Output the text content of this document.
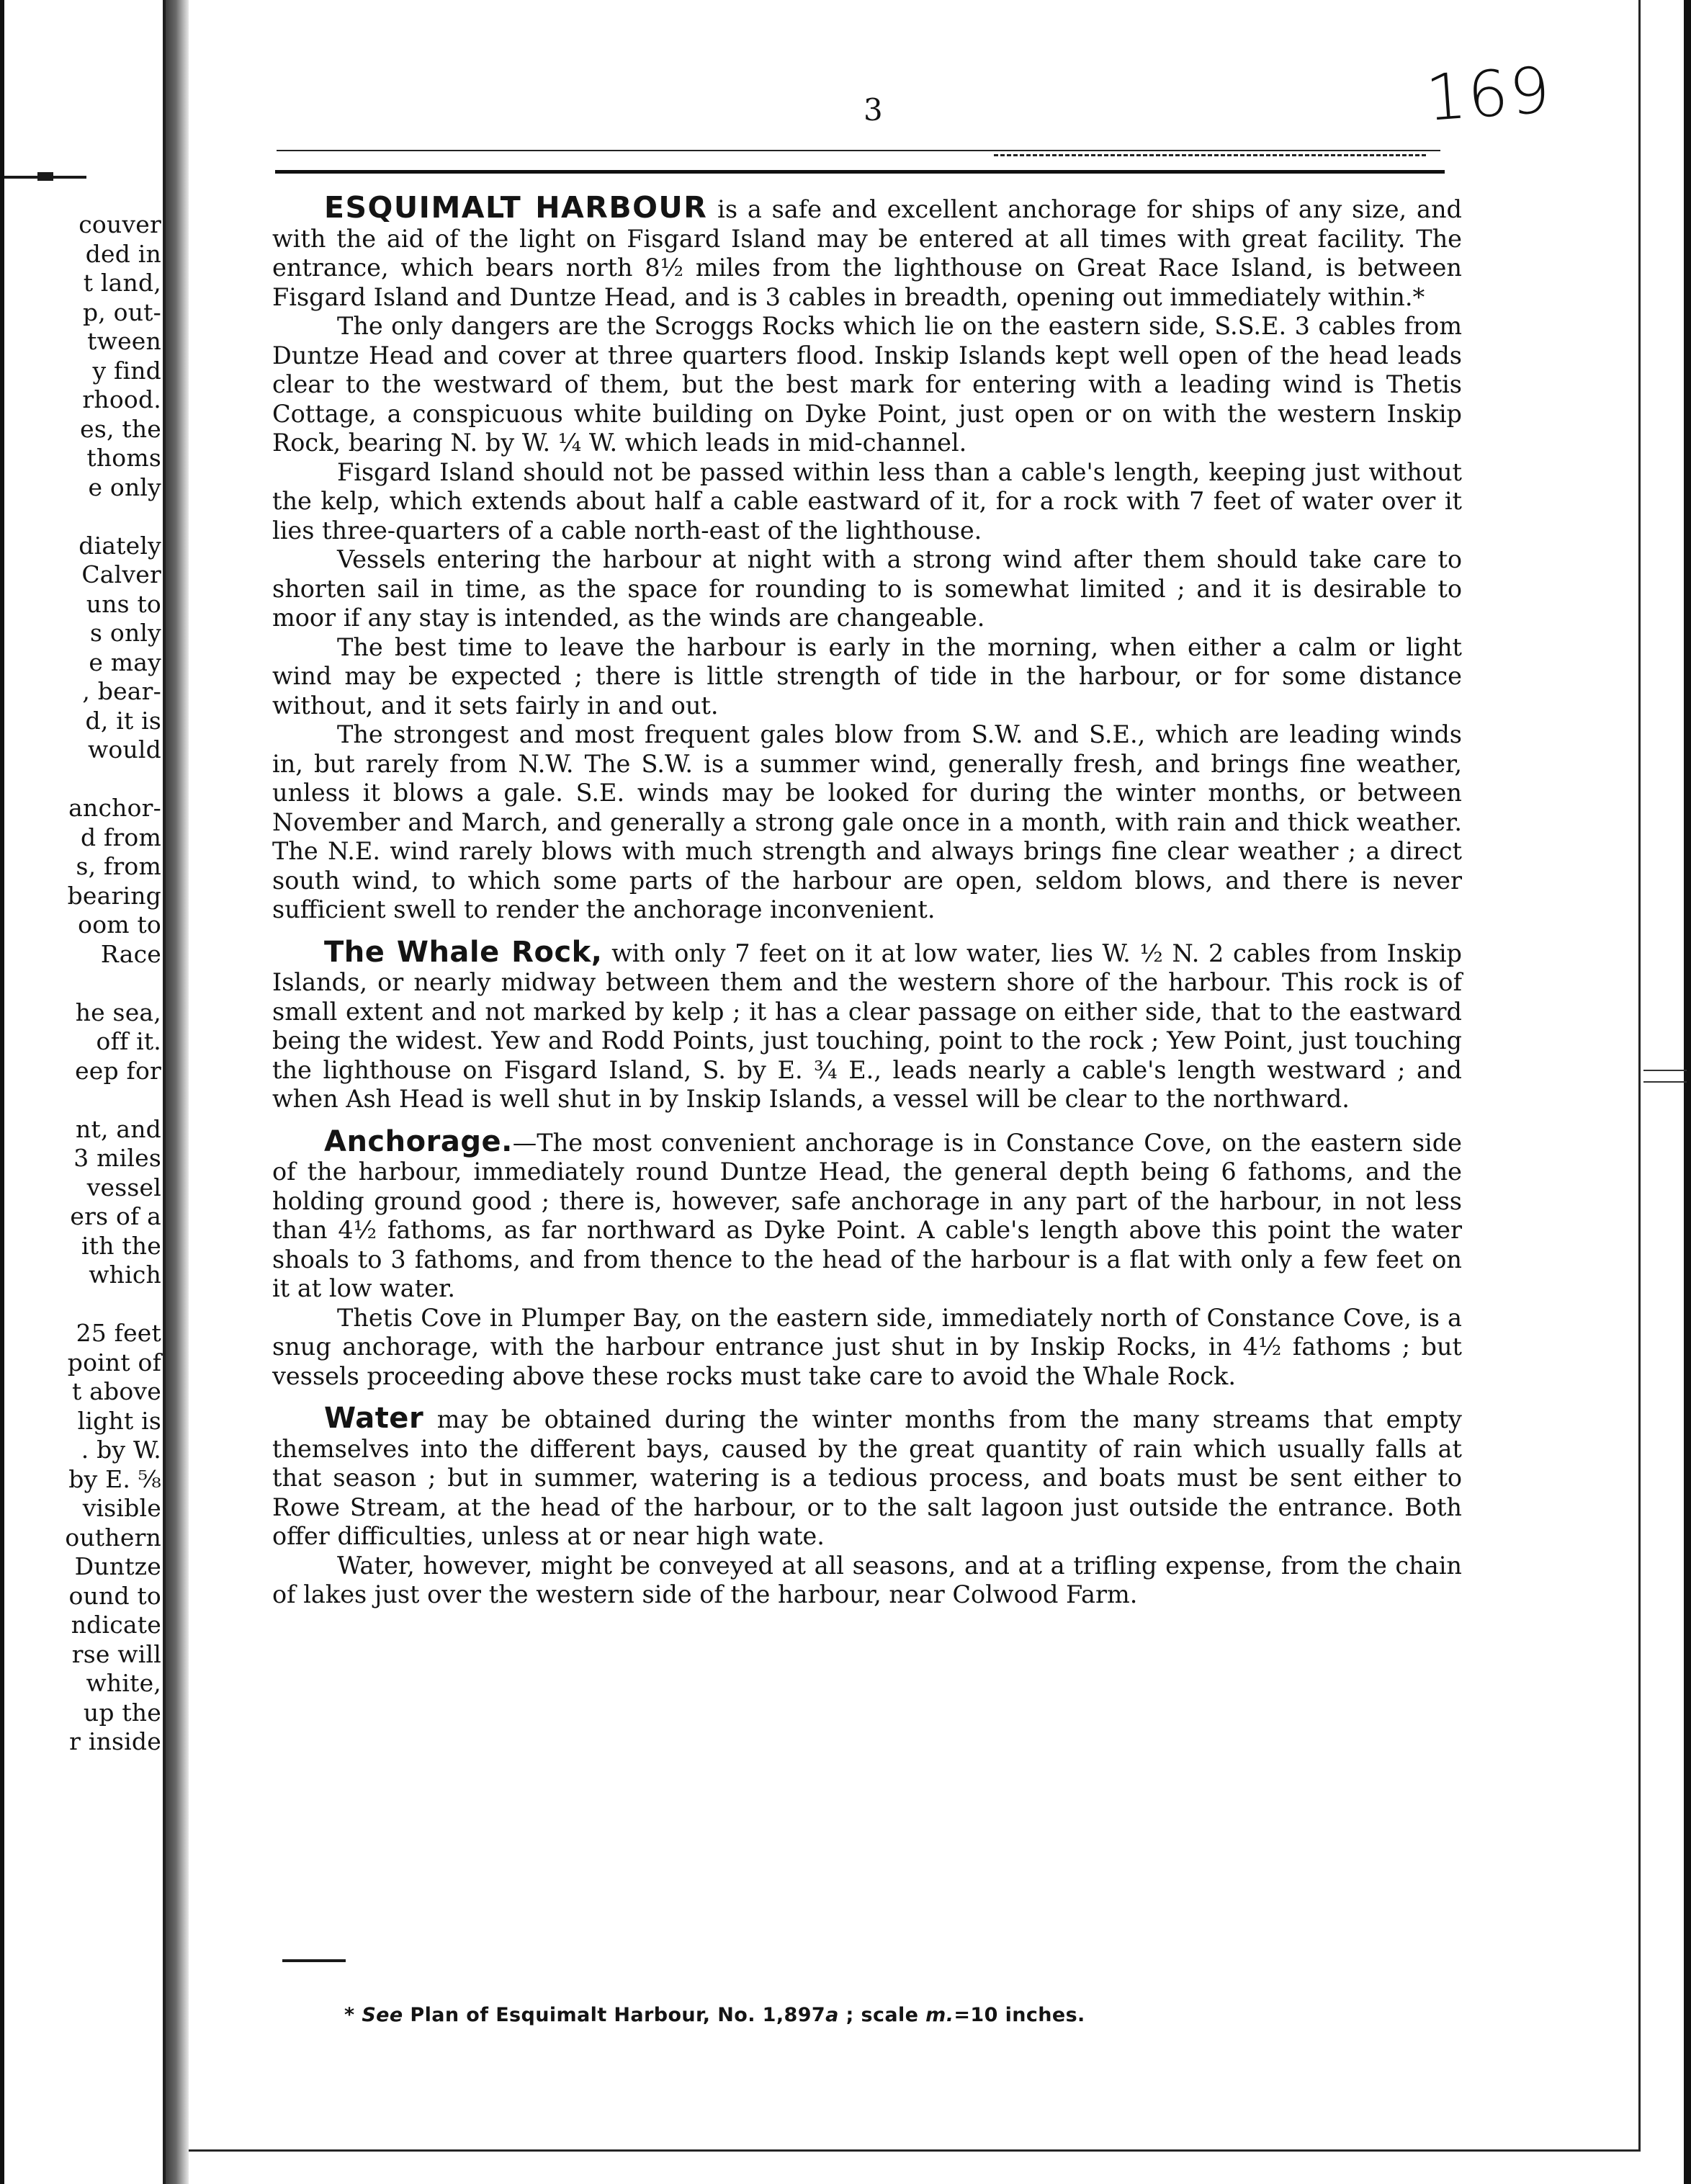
couver
ded in
t land,
p, out-
tween
y find
rhood.
es, the
thoms
e only
diately
Calver
uns to
s only
e may
, bear-
d, it is
would
anchor-
d from
s, from
bearing
oom to
Race
he sea,
off it.
eep for
nt, and
3 miles
vessel
ers of a
ith the
which
25 feet
point of
t above
light is
. by W.
by E. ⅝
visible
outhern
Duntze
ound to
ndicate
rse will
white,
up the
r inside
169
3

ESQUIMALT HARBOUR is a safe and excellent anchorage for ships of any size, and with the aid of the light on Fisgard Island may be entered at all times with great facility. The entrance, which bears north 8½ miles from the lighthouse on Great Race Island, is between Fisgard Island and Duntze Head, and is 3 cables in breadth, opening out immediately within.*

The only dangers are the Scroggs Rocks which lie on the eastern side, S.S.E. 3 cables from Duntze Head and cover at three quarters flood. Inskip Islands kept well open of the head leads clear to the westward of them, but the best mark for entering with a leading wind is Thetis Cottage, a conspicuous white building on Dyke Point, just open or on with the western Inskip Rock, bearing N. by W. ¼ W. which leads in mid-channel.

Fisgard Island should not be passed within less than a cable's length, keeping just without the kelp, which extends about half a cable eastward of it, for a rock with 7 feet of water over it lies three-quarters of a cable north-east of the lighthouse.

Vessels entering the harbour at night with a strong wind after them should take care to shorten sail in time, as the space for rounding to is somewhat limited ; and it is desirable to moor if any stay is intended, as the winds are changeable.

The best time to leave the harbour is early in the morning, when either a calm or light wind may be expected ; there is little strength of tide in the harbour, or for some distance without, and it sets fairly in and out.

The strongest and most frequent gales blow from S.W. and S.E., which are leading winds in, but rarely from N.W. The S.W. is a summer wind, generally fresh, and brings fine weather, unless it blows a gale. S.E. winds may be looked for during the winter months, or between November and March, and generally a strong gale once in a month, with rain and thick weather. The N.E. wind rarely blows with much strength and always brings fine clear weather ; a direct south wind, to which some parts of the harbour are open, seldom blows, and there is never sufficient swell to render the anchorage inconvenient.

The Whale Rock, with only 7 feet on it at low water, lies W. ½ N. 2 cables from Inskip Islands, or nearly midway between them and the western shore of the harbour. This rock is of small extent and not marked by kelp ; it has a clear passage on either side, that to the eastward being the widest. Yew and Rodd Points, just touching, point to the rock ; Yew Point, just touching the lighthouse on Fisgard Island, S. by E. ¾ E., leads nearly a cable's length westward ; and when Ash Head is well shut in by Inskip Islands, a vessel will be clear to the northward.

Anchorage.—The most convenient anchorage is in Constance Cove, on the eastern side of the harbour, immediately round Duntze Head, the general depth being 6 fathoms, and the holding ground good ; there is, however, safe anchorage in any part of the harbour, in not less than 4½ fathoms, as far northward as Dyke Point. A cable's length above this point the water shoals to 3 fathoms, and from thence to the head of the harbour is a flat with only a few feet on it at low water.

Thetis Cove in Plumper Bay, on the eastern side, immediately north of Constance Cove, is a snug anchorage, with the harbour entrance just shut in by Inskip Rocks, in 4½ fathoms ; but vessels proceeding above these rocks must take care to avoid the Whale Rock.

Water may be obtained during the winter months from the many streams that empty themselves into the different bays, caused by the great quantity of rain which usually falls at that season ; but in summer, watering is a tedious process, and boats must be sent either to Rowe Stream, at the head of the harbour, or to the salt lagoon just outside the entrance. Both offer difficulties, unless at or near high wate.

Water, however, might be conveyed at all seasons, and at a trifling expense, from the chain of lakes just over the western side of the harbour, near Colwood Farm.

* See Plan of Esquimalt Harbour, No. 1,897a ; scale m.=10 inches.
